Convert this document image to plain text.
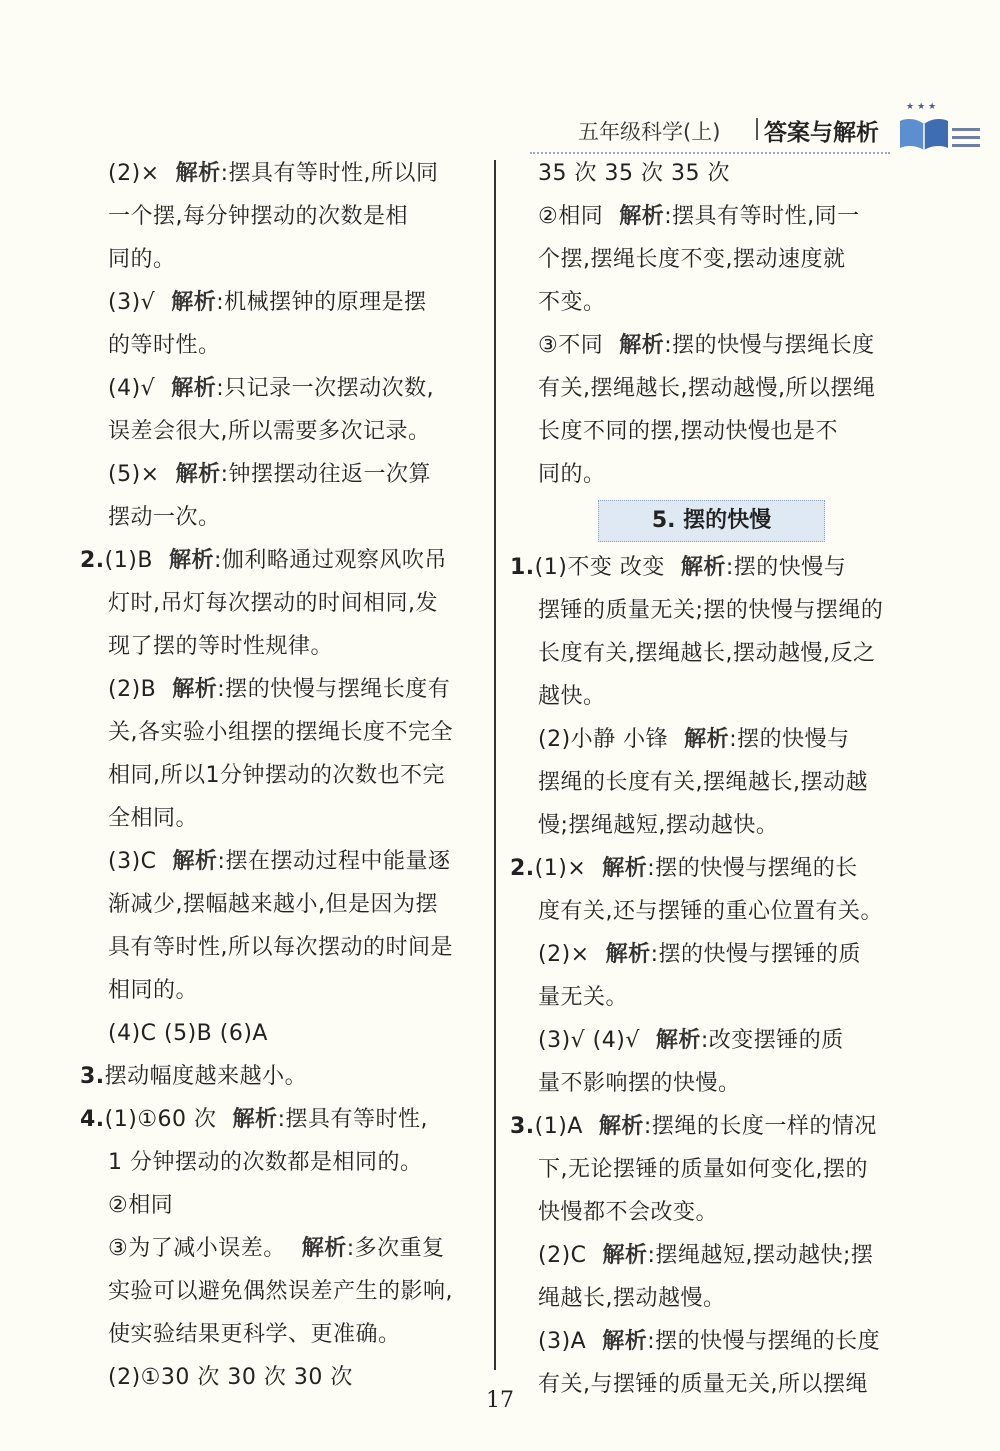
五年级科学(上) 答案与解析
★★★
(2)× 解析:摆具有等时性,所以同
一个摆,每分钟摆动的次数是相
同的。
(3)√ 解析:机械摆钟的原理是摆
的等时性。
(4)√ 解析:只记录一次摆动次数,
误差会很大,所以需要多次记录。
(5)× 解析:钟摆摆动往返一次算
摆动一次。
2.(1)B 解析:伽利略通过观察风吹吊
灯时,吊灯每次摆动的时间相同,发
现了摆的等时性规律。
(2)B 解析:摆的快慢与摆绳长度有
关,各实验小组摆的摆绳长度不完全
相同,所以1分钟摆动的次数也不完
全相同。
(3)C 解析:摆在摆动过程中能量逐
渐减少,摆幅越来越小,但是因为摆
具有等时性,所以每次摆动的时间是
相同的。
(4)C (5)B (6)A
3.摆动幅度越来越小。
4.(1)①60 次 解析:摆具有等时性,
1 分钟摆动的次数都是相同的。
②相同
③为了减小误差。 解析:多次重复
实验可以避免偶然误差产生的影响,
使实验结果更科学、更准确。
(2)①30 次 30 次 30 次
35 次 35 次 35 次
②相同 解析:摆具有等时性,同一
个摆,摆绳长度不变,摆动速度就
不变。
③不同 解析:摆的快慢与摆绳长度
有关,摆绳越长,摆动越慢,所以摆绳
长度不同的摆,摆动快慢也是不
同的。
5. 摆的快慢
1.(1)不变 改变 解析:摆的快慢与
摆锤的质量无关;摆的快慢与摆绳的
长度有关,摆绳越长,摆动越慢,反之
越快。
(2)小静 小锋 解析:摆的快慢与
摆绳的长度有关,摆绳越长,摆动越
慢;摆绳越短,摆动越快。
2.(1)× 解析:摆的快慢与摆绳的长
度有关,还与摆锤的重心位置有关。
(2)× 解析:摆的快慢与摆锤的质
量无关。
(3)√ (4)√ 解析:改变摆锤的质
量不影响摆的快慢。
3.(1)A 解析:摆绳的长度一样的情况
下,无论摆锤的质量如何变化,摆的
快慢都不会改变。
(2)C 解析:摆绳越短,摆动越快;摆
绳越长,摆动越慢。
(3)A 解析:摆的快慢与摆绳的长度
有关,与摆锤的质量无关,所以摆绳
17
